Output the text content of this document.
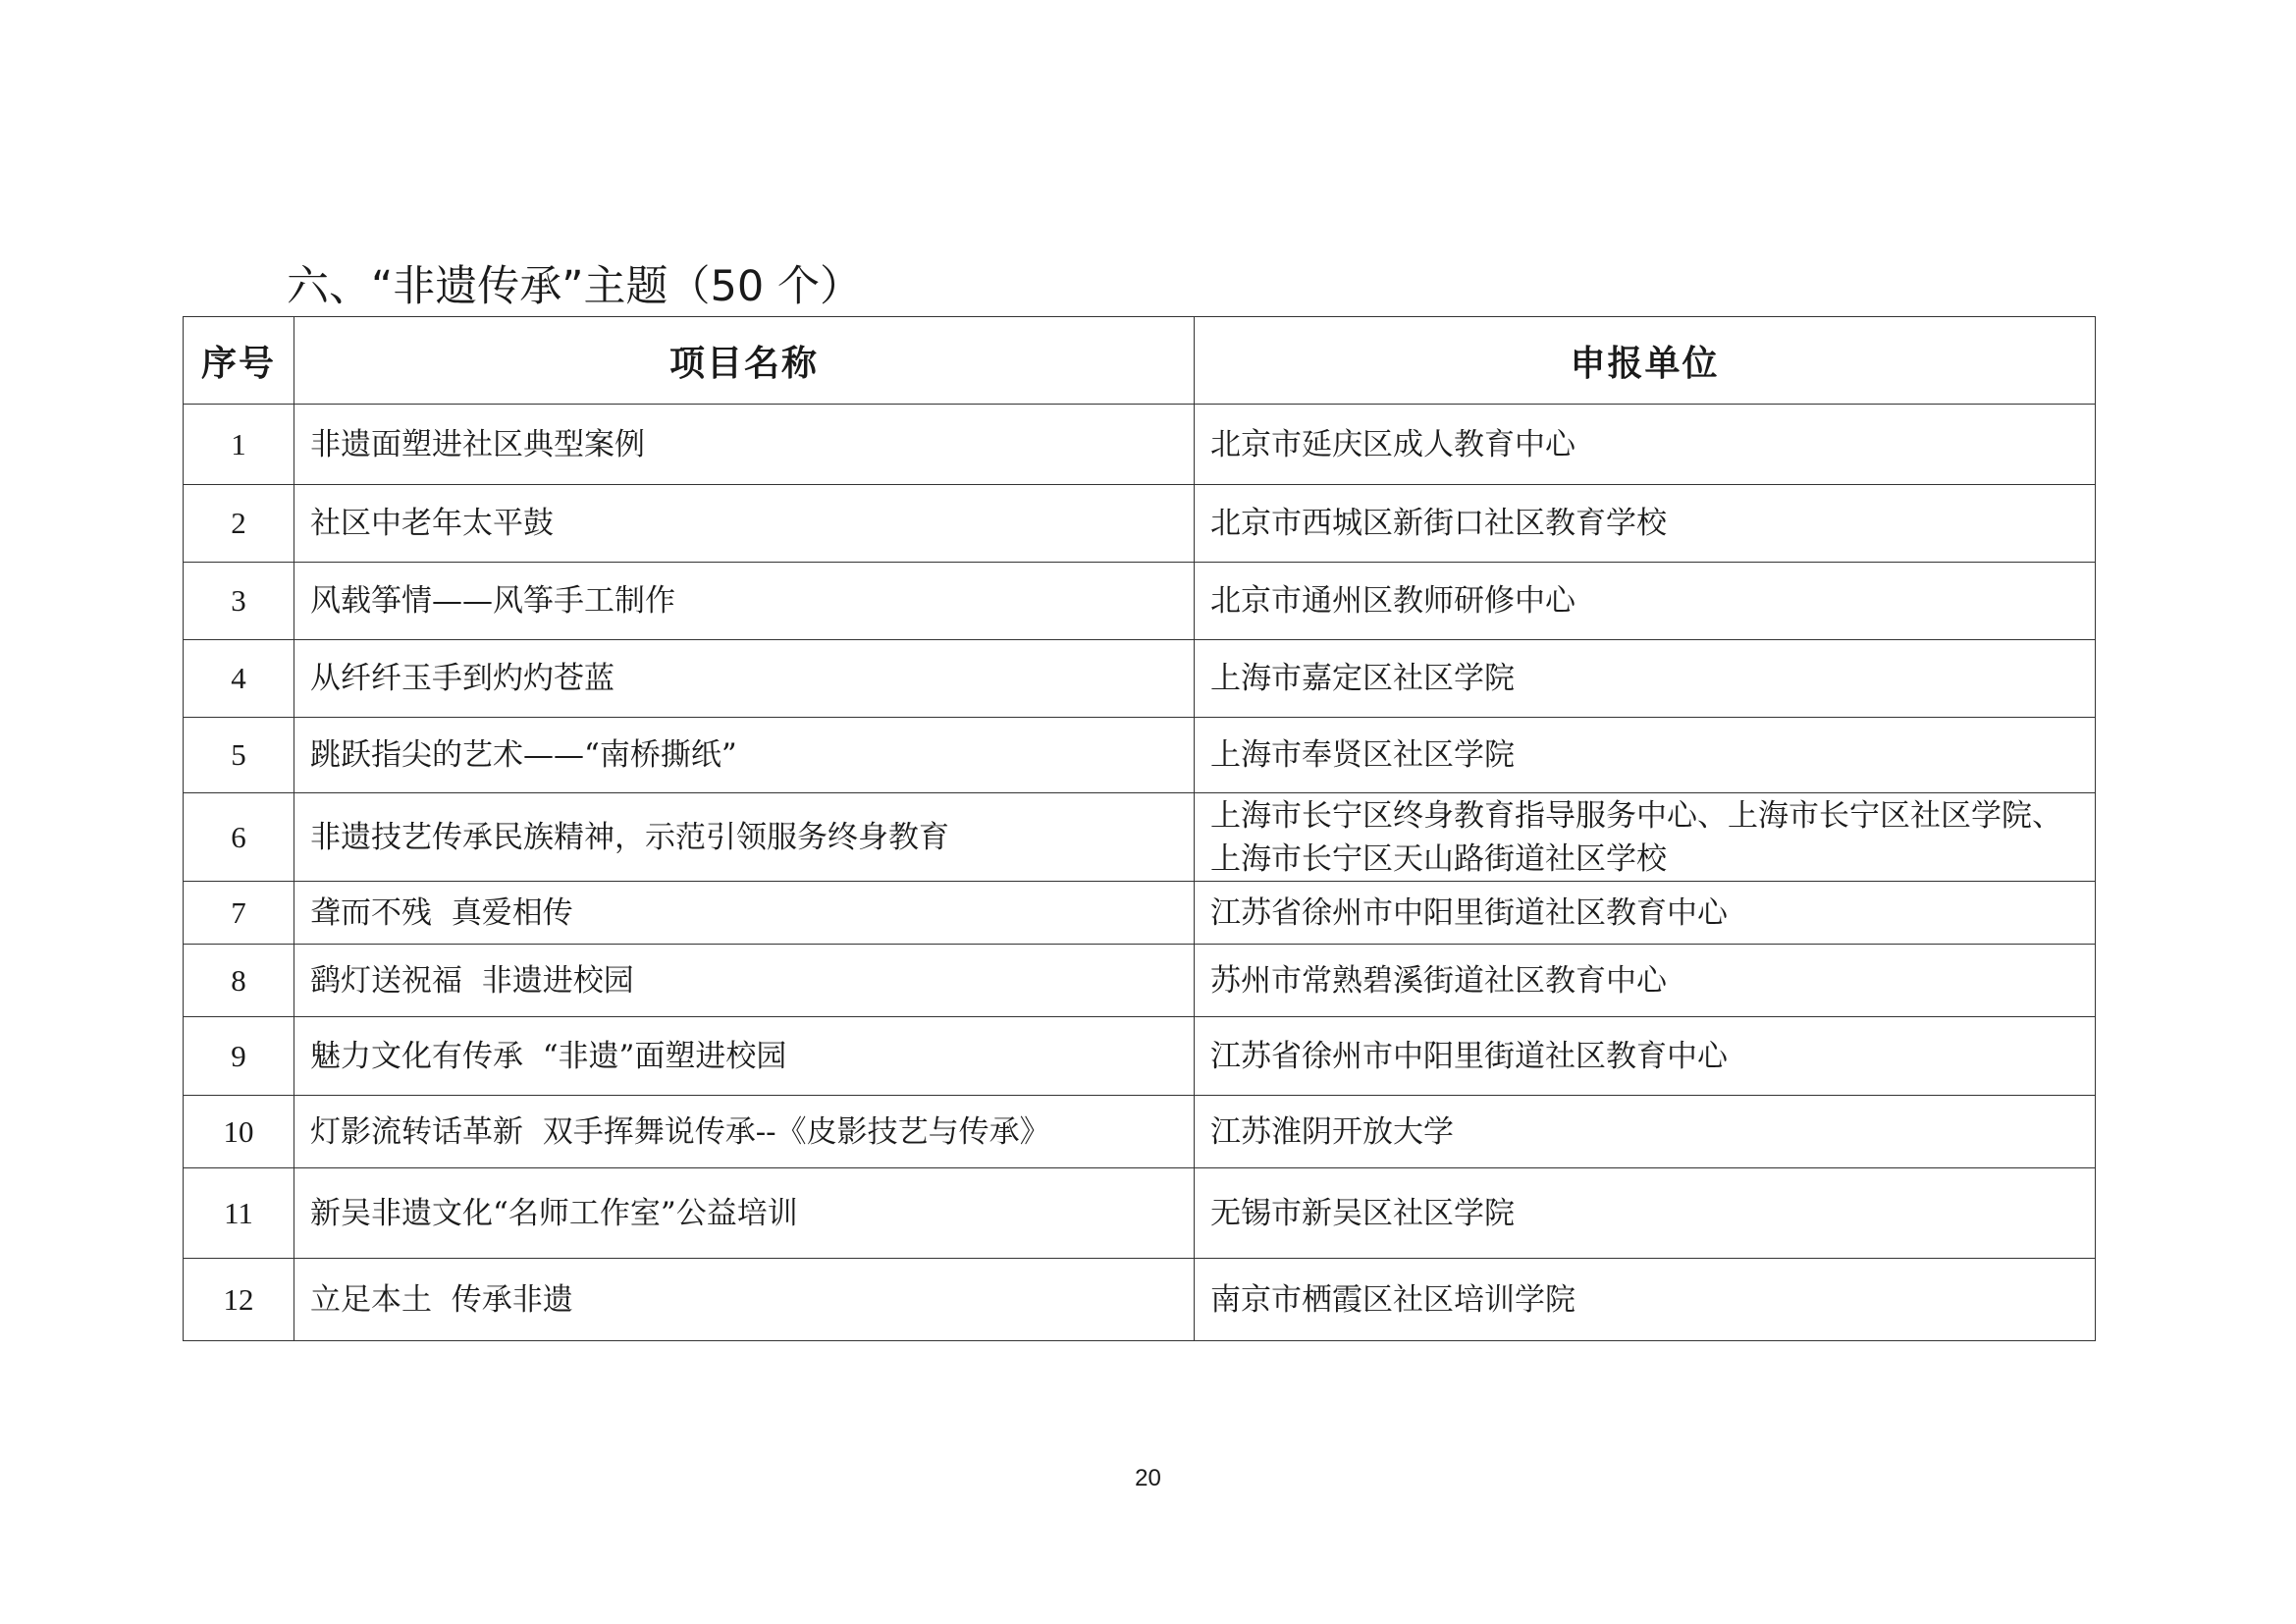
六、“非遗传承”主题（50 个）
序号	项目名称	申报单位
1	非遗面塑进社区典型案例	北京市延庆区成人教育中心
2	社区中老年太平鼓	北京市西城区新街口社区教育学校
3	风载筝情——风筝手工制作	北京市通州区教师研修中心
4	从纤纤玉手到灼灼苍蓝	上海市嘉定区社区学院
5	跳跃指尖的艺术——“南桥撕纸”	上海市奉贤区社区学院
6	非遗技艺传承民族精神，示范引领服务终身教育	上海市长宁区终身教育指导服务中心、上海市长宁区社区学院、上海市长宁区天山路街道社区学校
7	聋而不残  真爱相传	江苏省徐州市中阳里街道社区教育中心
8	鹞灯送祝福  非遗进校园	苏州市常熟碧溪街道社区教育中心
9	魅力文化有传承  “非遗”面塑进校园	江苏省徐州市中阳里街道社区教育中心
10	灯影流转话革新  双手挥舞说传承--《皮影技艺与传承》	江苏淮阴开放大学
11	新吴非遗文化“名师工作室”公益培训	无锡市新吴区社区学院
12	立足本土  传承非遗	南京市栖霞区社区培训学院
20
